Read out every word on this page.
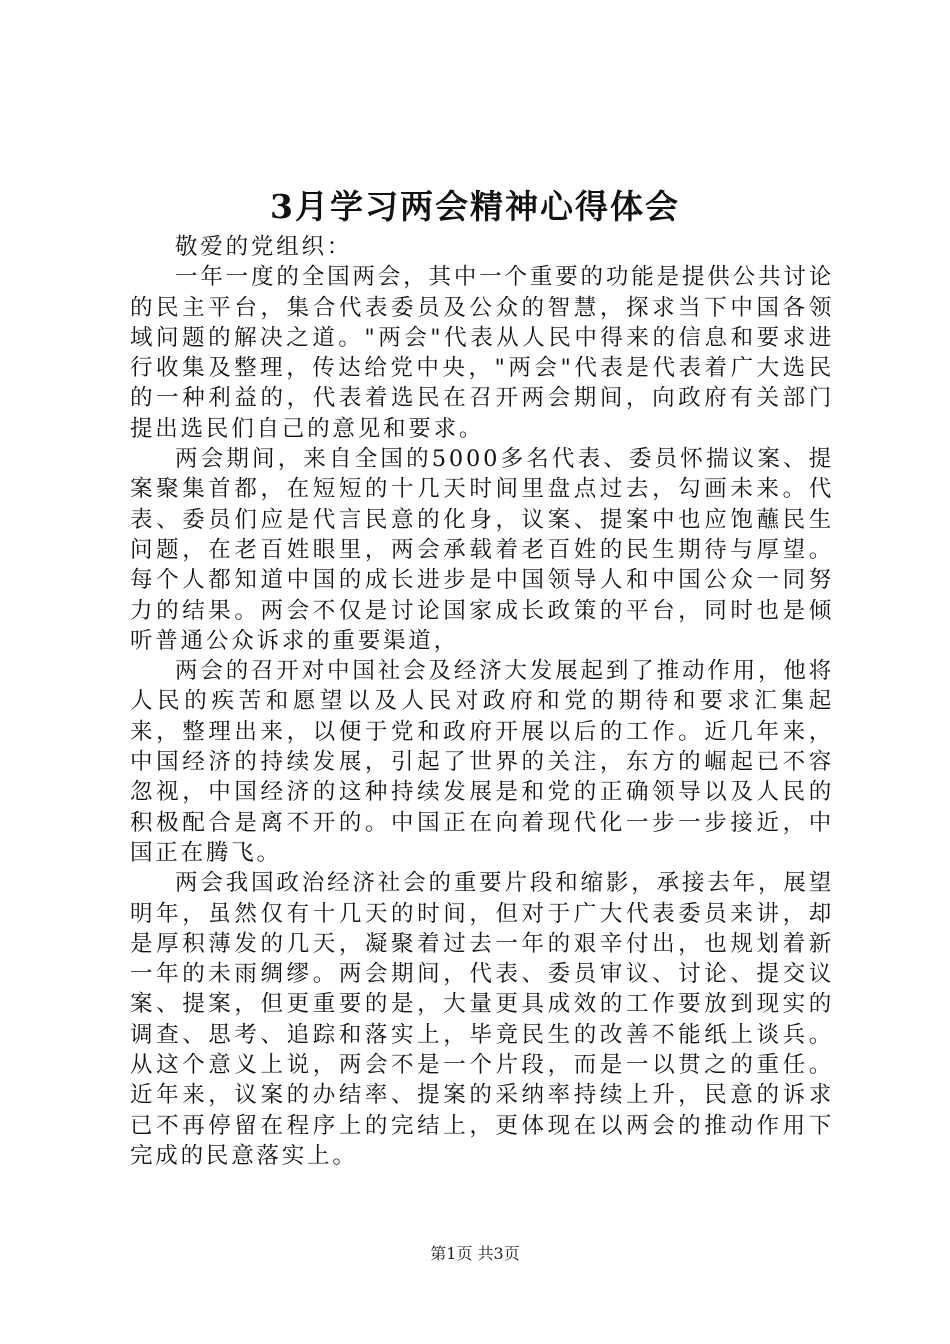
3月学习两会精神心得体会

敬爱的党组织：

一年一度的全国两会，其中一个重要的功能是提供公共讨论的民主平台，集合代表委员及公众的智慧，探求当下中国各领域问题的解决之道。"两会"代表从人民中得来的信息和要求进行收集及整理，传达给党中央，"两会"代表是代表着广大选民的一种利益的，代表着选民在召开两会期间，向政府有关部门提出选民们自己的意见和要求。

两会期间，来自全国的5000多名代表、委员怀揣议案、提案聚集首都，在短短的十几天时间里盘点过去，勾画未来。代表、委员们应是代言民意的化身，议案、提案中也应饱蘸民生问题，在老百姓眼里，两会承载着老百姓的民生期待与厚望。每个人都知道中国的成长进步是中国领导人和中国公众一同努力的结果。两会不仅是讨论国家成长政策的平台，同时也是倾听普通公众诉求的重要渠道，

两会的召开对中国社会及经济大发展起到了推动作用，他将人民的疾苦和愿望以及人民对政府和党的期待和要求汇集起来，整理出来，以便于党和政府开展以后的工作。近几年来，中国经济的持续发展，引起了世界的关注，东方的崛起已不容忽视，中国经济的这种持续发展是和党的正确领导以及人民的积极配合是离不开的。中国正在向着现代化一步一步接近，中国正在腾飞。

两会我国政治经济社会的重要片段和缩影，承接去年，展望明年，虽然仅有十几天的时间，但对于广大代表委员来讲，却是厚积薄发的几天，凝聚着过去一年的艰辛付出，也规划着新一年的未雨绸缪。两会期间，代表、委员审议、讨论、提交议案、提案，但更重要的是，大量更具成效的工作要放到现实的调查、思考、追踪和落实上，毕竟民生的改善不能纸上谈兵。从这个意义上说，两会不是一个片段，而是一以贯之的重任。近年来，议案的办结率、提案的采纳率持续上升，民意的诉求已不再停留在程序上的完结上，更体现在以两会的推动作用下完成的民意落实上。

第1页 共3页
